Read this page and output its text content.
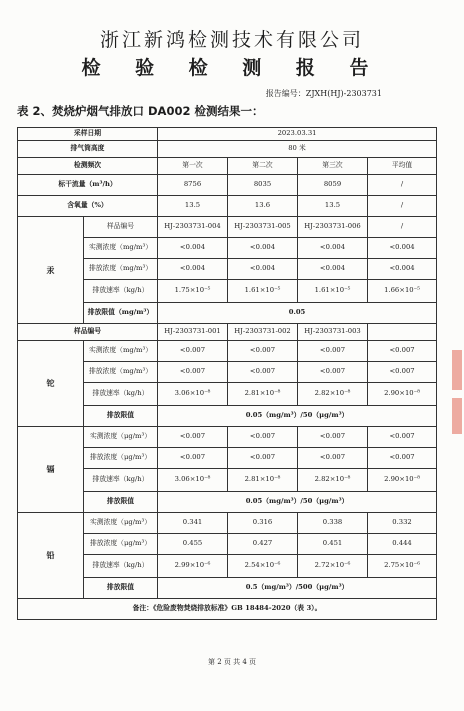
浙江新鸿检测技术有限公司
检 验 检 测 报 告
报告编号：ZJXH(HJ)-2303731
表 2、焚烧炉烟气排放口 DA002 检测结果一：
采样日期		2023.03.31			
排气筒高度		80 米			
检测频次		第一次	第二次	第三次	平均值
标干流量（m³/h）		8756	8035	8059	/
含氧量（%）		13.5	13.6	13.5	/
汞	样品编号	HJ-2303731-004	HJ-2303731-005	HJ-2303731-006	/
	实测浓度（mg/m³）	<0.004	<0.004	<0.004	<0.004
	排放浓度（mg/m³）	<0.004	<0.004	<0.004	<0.004
	排放速率（kg/h）	1.75×10⁻⁵	1.61×10⁻⁵	1.61×10⁻⁵	1.66×10⁻⁵
	排放限值（mg/m³）	0.05			
样品编号		HJ-2303731-001	HJ-2303731-002	HJ-2303731-003	
铊	实测浓度（mg/m³）	<0.007	<0.007	<0.007	<0.007
	排放浓度（mg/m³）	<0.007	<0.007	<0.007	<0.007
	排放速率（kg/h）	3.06×10⁻⁸	2.81×10⁻⁸	2.82×10⁻⁸	2.90×10⁻⁸
	排放限值	0.05（mg/m³）/50（μg/m³）			
镉	实测浓度（μg/m³）	<0.007	<0.007	<0.007	<0.007
	排放浓度（μg/m³）	<0.007	<0.007	<0.007	<0.007
	排放速率（kg/h）	3.06×10⁻⁸	2.81×10⁻⁸	2.82×10⁻⁸	2.90×10⁻⁸
	排放限值	0.05（mg/m³）/50（μg/m³）			
铅	实测浓度（μg/m³）	0.341	0.316	0.338	0.332
	排放浓度（μg/m³）	0.455	0.427	0.451	0.444
	排放速率（kg/h）	2.99×10⁻⁶	2.54×10⁻⁶	2.72×10⁻⁶	2.75×10⁻⁶
	排放限值	0.5（mg/m³）/500（μg/m³）			
备注：《危险废物焚烧排放标准》GB 18484-2020（表 3）。					
第 2 页 共 4 页
